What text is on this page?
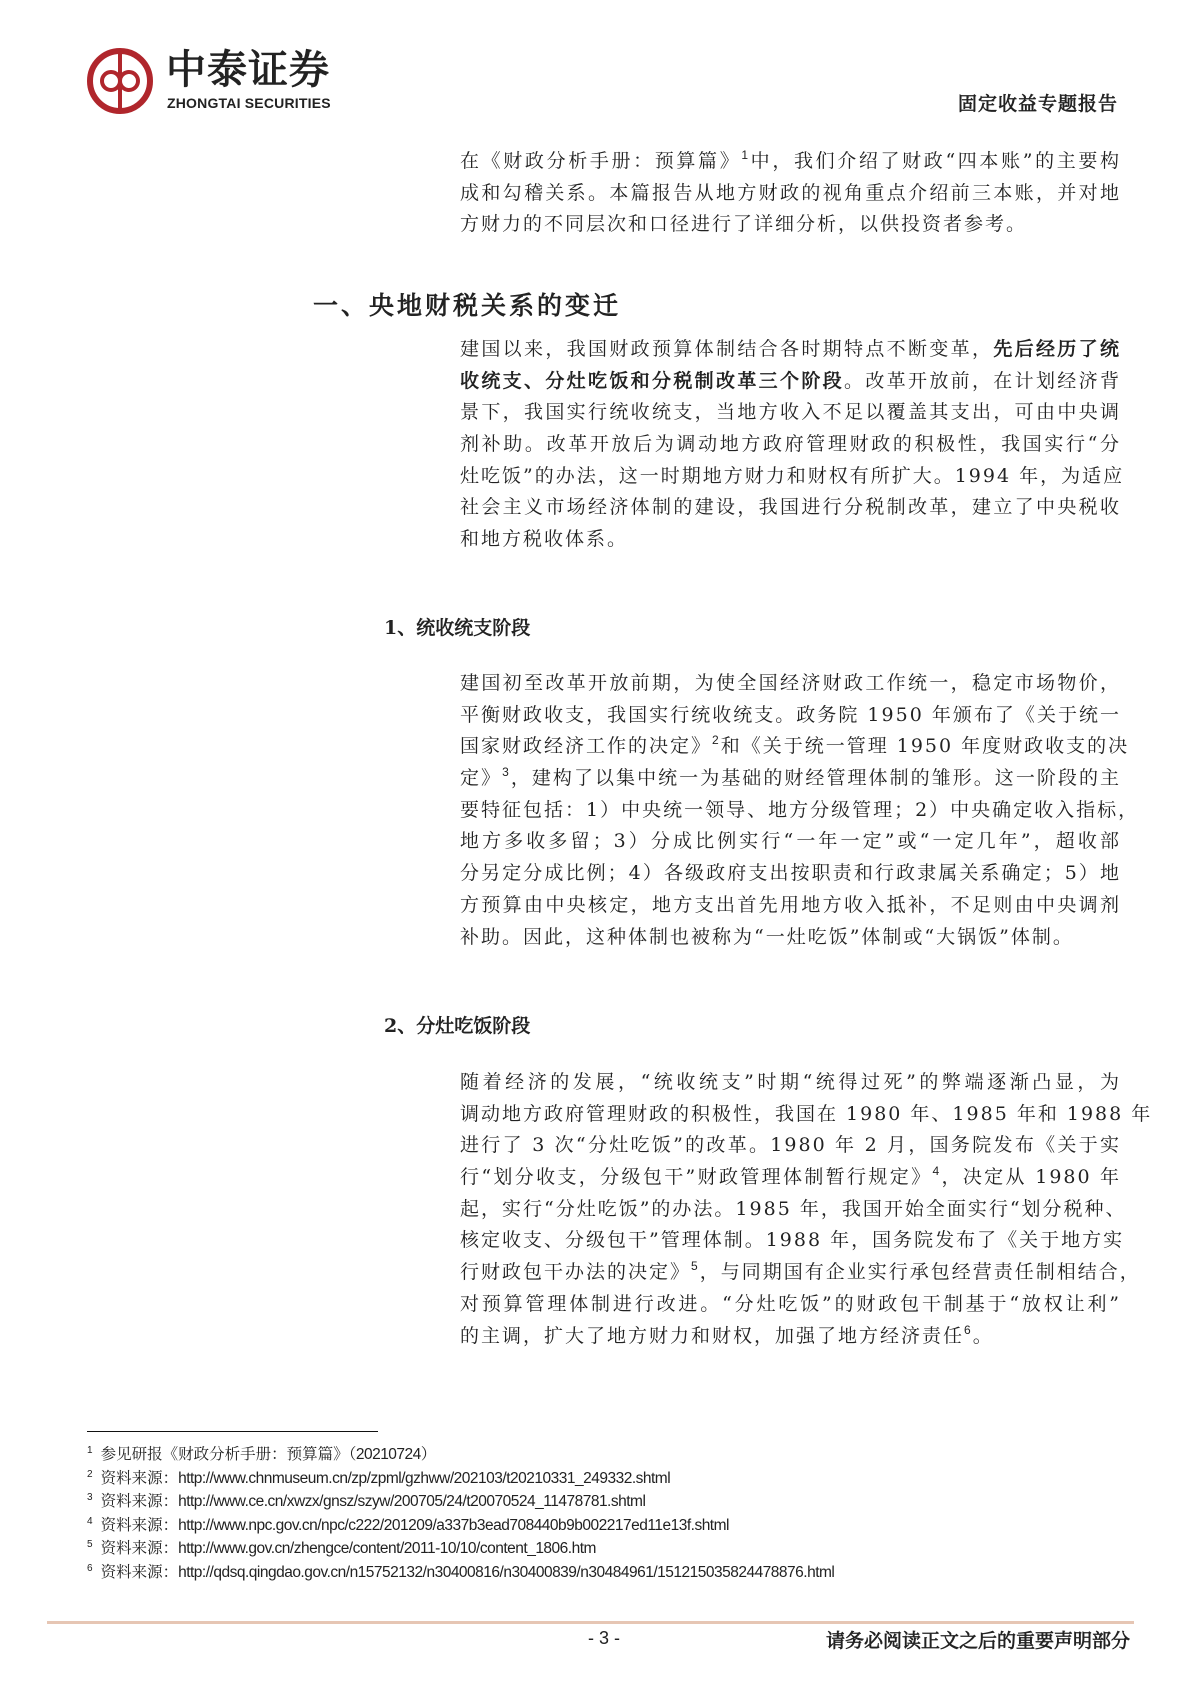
中泰证券
ZHONGTAI SECURITIES	固定收益专题报告
在《财政分析手册：预算篇》$^1$中，我们介绍了财政“四本账”的主要构
成和勾稽关系。本篇报告从地方财政的视角重点介绍前三本账，并对地
方财力的不同层次和口径进行了详细分析，以供投资者参考。
一、央地财税关系的变迁
建国以来，我国财政预算体制结合各时期特点不断变革，先后经历了统
收统支、分灶吃饭和分税制改革三个阶段。改革开放前，在计划经济背
景下，我国实行统收统支，当地方收入不足以覆盖其支出，可由中央调
剂补助。改革开放后为调动地方政府管理财政的积极性，我国实行“分
灶吃饭”的办法，这一时期地方财力和财权有所扩大。1994 年，为适应
社会主义市场经济体制的建设，我国进行分税制改革，建立了中央税收
和地方税收体系。
1、统收统支阶段
建国初至改革开放前期，为使全国经济财政工作统一，稳定市场物价，
平衡财政收支，我国实行统收统支。政务院 1950 年颁布了《关于统一
国家财政经济工作的决定》$^2$和《关于统一管理 1950 年度财政收支的决
定》$^3$，建构了以集中统一为基础的财经管理体制的雏形。这一阶段的主
要特征包括：1）中央统一领导、地方分级管理；2）中央确定收入指标，
地方多收多留；3）分成比例实行“一年一定”或“一定几年”，超收部
分另定分成比例；4）各级政府支出按职责和行政隶属关系确定；5）地
方预算由中央核定，地方支出首先用地方收入抵补，不足则由中央调剂
补助。因此，这种体制也被称为“一灶吃饭”体制或“大锅饭”体制。
2、分灶吃饭阶段
随着经济的发展，“统收统支”时期“统得过死”的弊端逐渐凸显，为
调动地方政府管理财政的积极性，我国在 1980 年、1985 年和 1988 年
进行了 3 次“分灶吃饭”的改革。1980 年 2 月，国务院发布《关于实
行“划分收支，分级包干”财政管理体制暂行规定》$^4$，决定从 1980 年
起，实行“分灶吃饭”的办法。1985 年，我国开始全面实行“划分税种、
核定收支、分级包干”管理体制。1988 年，国务院发布了《关于地方实
行财政包干办法的决定》$^5$，与同期国有企业实行承包经营责任制相结合，
对预算管理体制进行改进。“分灶吃饭”的财政包干制基于“放权让利”
的主调，扩大了地方财力和财权，加强了地方经济责任$^6$。
$^1$ 参见研报《财政分析手册：预算篇》（20210724）
$^2$ 资料来源：http://www.chnmuseum.cn/zp/zpml/gzhww/202103/t20210331_249332.shtml
$^3$ 资料来源：http://www.ce.cn/xwzx/gnsz/szyw/200705/24/t20070524_11478781.shtml
$^4$ 资料来源：http://www.npc.gov.cn/npc/c222/201209/a337b3ead708440b9b002217ed11e13f.shtml
$^5$ 资料来源：http://www.gov.cn/zhengce/content/2011-10/10/content_1806.htm
$^6$ 资料来源：http://qdsq.qingdao.gov.cn/n15752132/n30400816/n30400839/n30484961/151215035824478876.html
- 3 -	请务必阅读正文之后的重要声明部分
